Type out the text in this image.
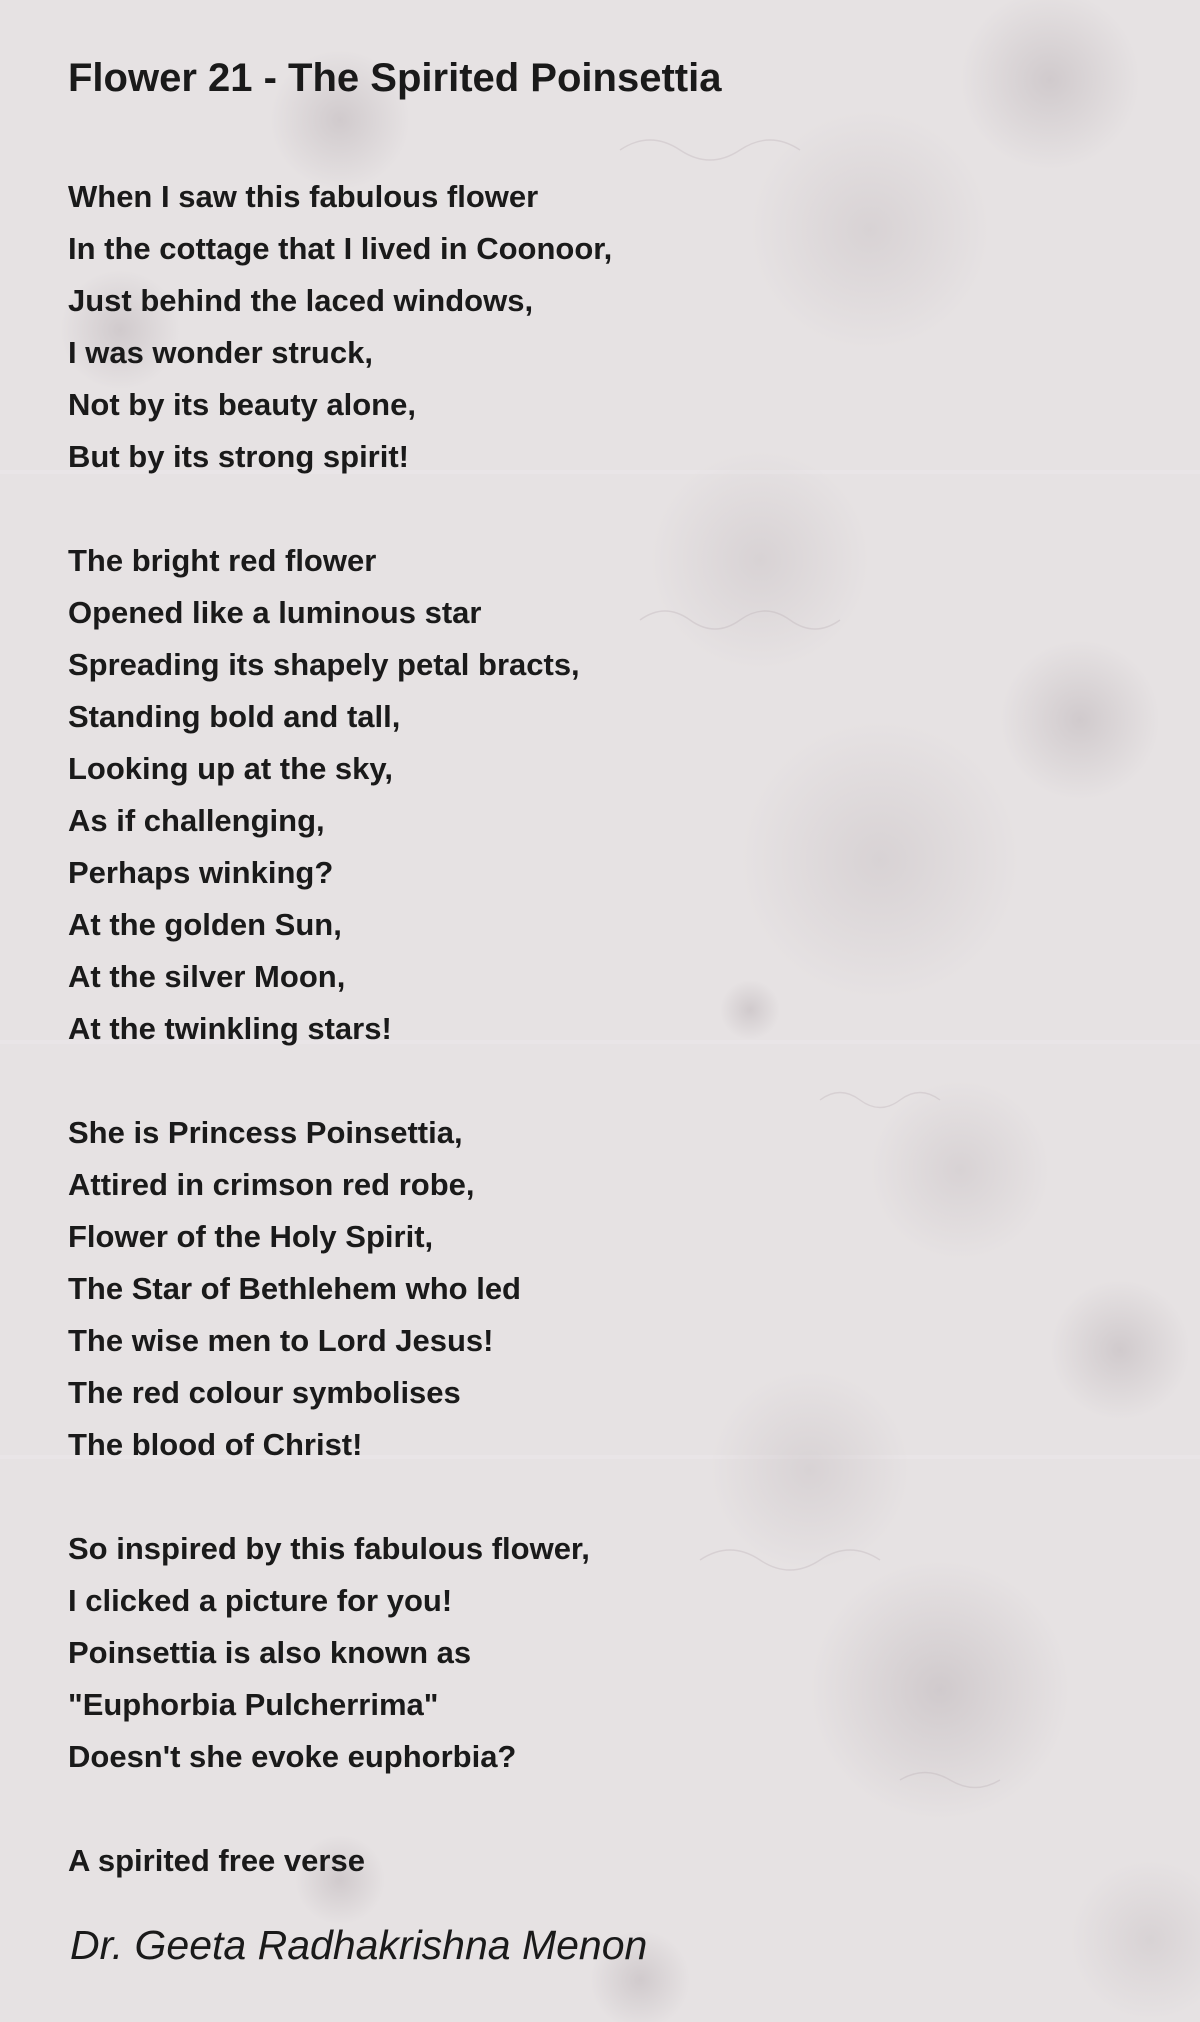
Flower 21 - The Spirited Poinsettia
When I saw this fabulous flower
In the cottage that I lived in Coonoor,
Just behind the laced windows,
I was wonder struck,
Not by its beauty alone,
But by its strong spirit!
The bright red flower
Opened like a luminous star
Spreading its shapely petal bracts,
Standing bold and tall,
Looking up at the sky,
As if challenging,
Perhaps winking?
At the golden Sun,
At the silver Moon,
At the twinkling stars!
She is Princess Poinsettia,
Attired in crimson red robe,
Flower of the Holy Spirit,
The Star of Bethlehem who led
The wise men to Lord Jesus!
The red colour symbolises
The blood of Christ!
So inspired by this fabulous flower,
I clicked a picture for you!
Poinsettia is also known as
"Euphorbia Pulcherrima"
Doesn't she evoke euphorbia?
A spirited free verse
Dr. Geeta Radhakrishna Menon
